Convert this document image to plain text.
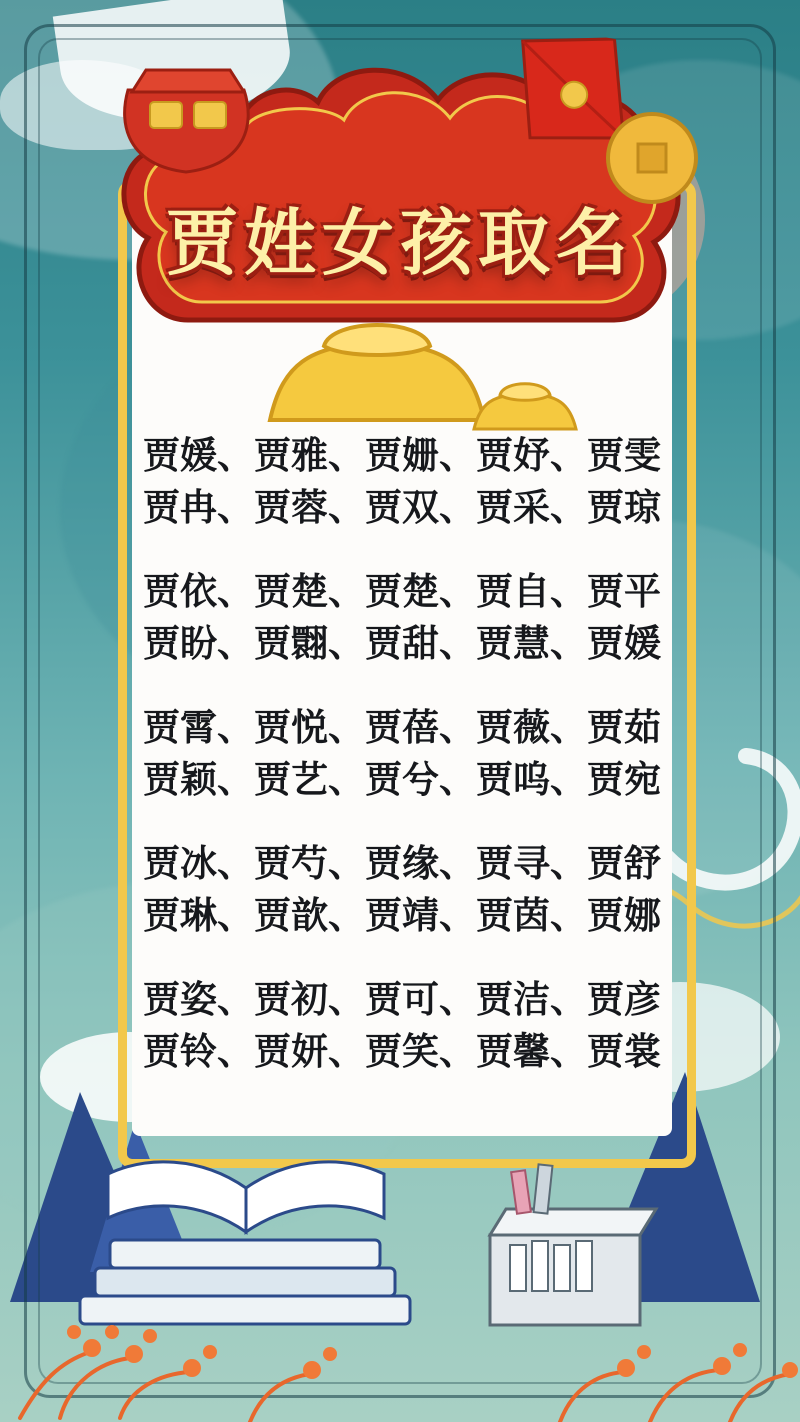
贾姓女孩取名
贾媛、贾雅、贾姗、贾妤、贾雯
贾冉、贾蓉、贾双、贾采、贾琼
贾依、贾楚、贾楚、贾自、贾平
贾盼、贾翾、贾甜、贾慧、贾媛
贾霄、贾悦、贾蓓、贾薇、贾茹
贾颖、贾艺、贾兮、贾呜、贾宛
贾冰、贾芍、贾缘、贾寻、贾舒
贾琳、贾歆、贾靖、贾茵、贾娜
贾姿、贾初、贾可、贾洁、贾彦
贾铃、贾妍、贾笑、贾馨、贾裳
